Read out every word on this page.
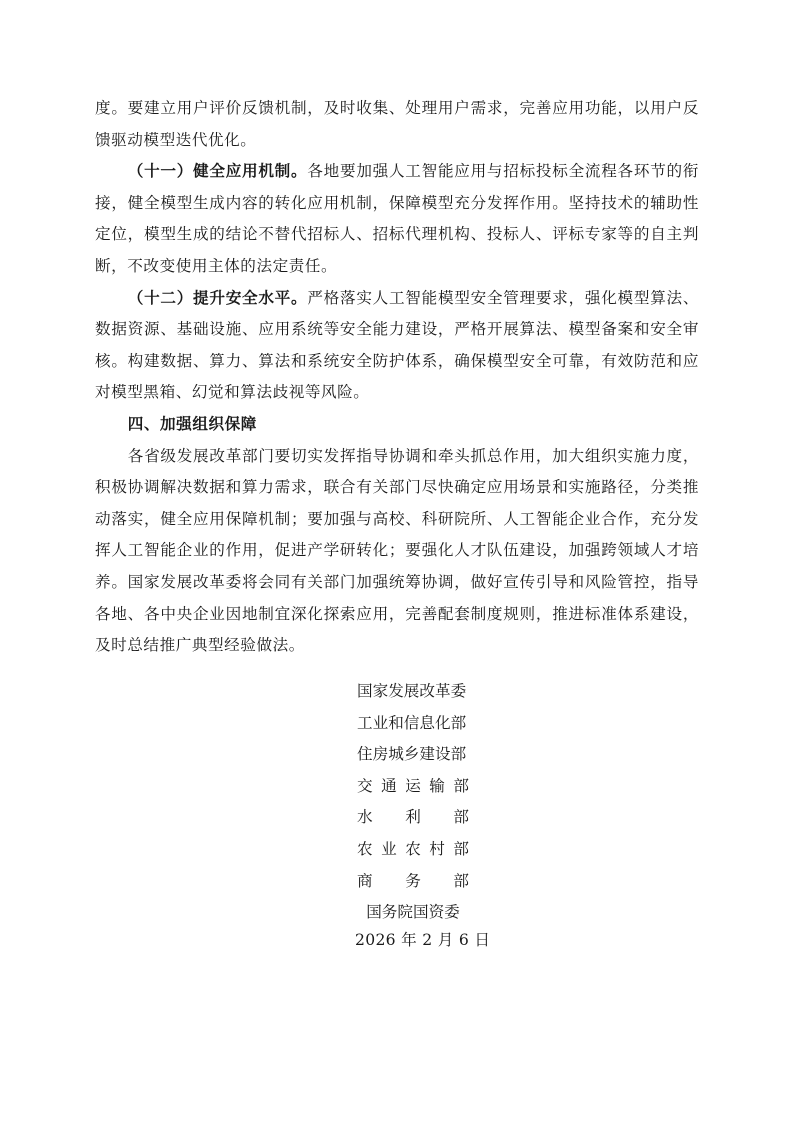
度。要建立用户评价反馈机制，及时收集、处理用户需求，完善应用功能，以用户反馈驱动模型迭代优化。

（十一）健全应用机制。各地要加强人工智能应用与招标投标全流程各环节的衔接，健全模型生成内容的转化应用机制，保障模型充分发挥作用。坚持技术的辅助性定位，模型生成的结论不替代招标人、招标代理机构、投标人、评标专家等的自主判断，不改变使用主体的法定责任。

（十二）提升安全水平。严格落实人工智能模型安全管理要求，强化模型算法、数据资源、基础设施、应用系统等安全能力建设，严格开展算法、模型备案和安全审核。构建数据、算力、算法和系统安全防护体系，确保模型安全可靠，有效防范和应对模型黑箱、幻觉和算法歧视等风险。

四、加强组织保障

各省级发展改革部门要切实发挥指导协调和牵头抓总作用，加大组织实施力度，积极协调解决数据和算力需求，联合有关部门尽快确定应用场景和实施路径，分类推动落实，健全应用保障机制；要加强与高校、科研院所、人工智能企业合作，充分发挥人工智能企业的作用，促进产学研转化；要强化人才队伍建设，加强跨领域人才培养。国家发展改革委将会同有关部门加强统筹协调，做好宣传引导和风险管控，指导各地、各中央企业因地制宜深化探索应用，完善配套制度规则，推进标准体系建设，及时总结推广典型经验做法。

国家发展改革委
工业和信息化部
住房城乡建设部
交 通 运 输 部
水 利 部
农 业 农 村 部
商 务 部
国务院国资委
2026 年 2 月 6 日
